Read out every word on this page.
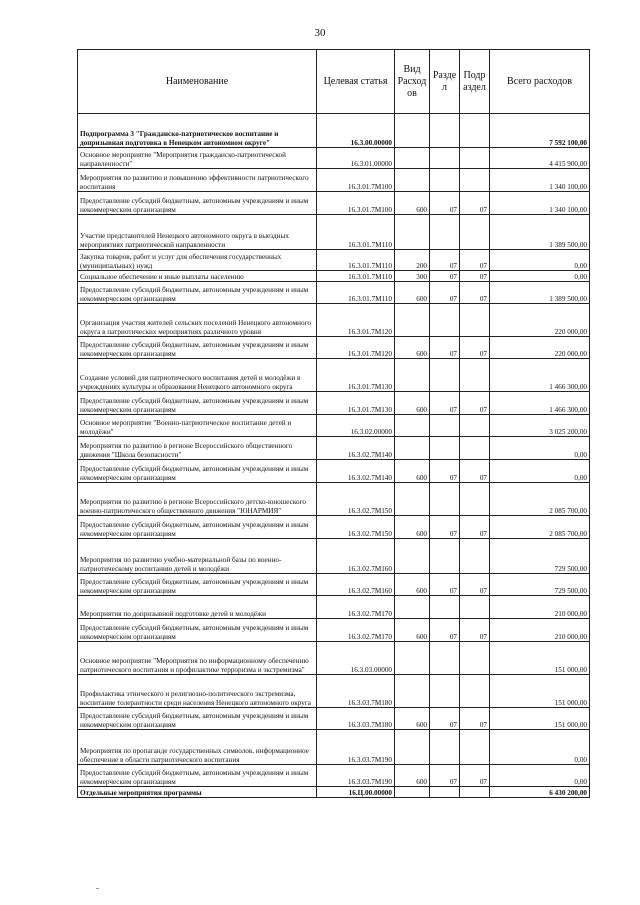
30
Наименование	Целевая статья	Вид Расход ов	Разде л	Подр аздел	Всего расходов
Подпрограмма 3 "Гражданско-патриотическое воспитание и допризывная подготовка в Ненецком автономном округе"	16.3.00.00000				7 592 100,00
Основное мероприятие "Мероприятия гражданско-патриотической направленности"	16.3.01.00000				4 415 900,00
Мероприятия по развитию и повышению эффективности патриотического воспитания	16.3.01.7М100				1 340 100,00
Предоставление субсидий бюджетным, автономным учреждениям и иным некоммерческим организациям	16.3.01.7М100	600	07	07	1 340 100,00
Участие представителей Ненецкого автономного округа в выездных мероприятиях патриотической направленности	16.3.01.7М110				1 389 500,00
Закупка товаров, работ и услуг для обеспечения государственных (муниципальных) нужд	16.3.01.7М110	200	07	07	0,00
Социальное обеспечение и иные выплаты населению	16.3.01.7М110	300	07	07	0,00
Предоставление субсидий бюджетным, автономным учреждениям и иным некоммерческим организациям	16.3.01.7М110	600	07	07	1 389 500,00
Организация участия жителей сельских поселений Ненецкого автономного округа в патриотических мероприятиях различного уровня	16.3.01.7М120				220 000,00
Предоставление субсидий бюджетным, автономным учреждениям и иным некоммерческим организациям	16.3.01.7М120	600	07	07	220 000,00
Создание условий для патриотического воспитания детей и молодёжи в учреждениях культуры и образования Ненецкого автономного округа	16.3.01.7М130				1 466 300,00
Предоставление субсидий бюджетным, автономным учреждениям и иным некоммерческим организациям	16.3.01.7М130	600	07	07	1 466 300,00
Основное мероприятие "Военно-патриотическое воспитание детей и молодёжи"	16.3.02.00000				3 025 200,00
Мероприятия по развитию в регионе Всероссийского общественного движения "Школа безопасности"	16.3.02.7М140				0,00
Предоставление субсидий бюджетным, автономным учреждениям и иным некоммерческим организациям	16.3.02.7М140	600	07	07	0,00
Мероприятия по развитию в регионе Всероссийского детско-юношеского военно-патриотического общественного движения "ЮНАРМИЯ"	16.3.02.7М150				2 085 700,00
Предоставление субсидий бюджетным, автономным учреждениям и иным некоммерческим организациям	16.3.02.7М150	600	07	07	2 085 700,00
Мероприятия по развитию учебно-материальной базы по военно-патриотическому воспитанию детей и молодёжи	16.3.02.7М160				729 500,00
Предоставление субсидий бюджетным, автономным учреждениям и иным некоммерческим организациям	16.3.02.7М160	600	07	07	729 500,00
Мероприятия по допризывной подготовке детей и молодёжи	16.3.02.7М170				210 000,00
Предоставление субсидий бюджетным, автономным учреждениям и иным некоммерческим организациям	16.3.02.7М170	600	07	07	210 000,00
Основное мероприятие "Мероприятия по информационному обеспечению патриотического воспитания и профилактике терроризма и экстремизма"	16.3.03.00000				151 000,00
Профилактика этнического и религиозно-политического экстремизма, воспитание толерантности среди населения Ненецкого автономного округа	16.3.03.7М180				151 000,00
Предоставление субсидий бюджетным, автономным учреждениям и иным некоммерческим организациям	16.3.03.7М180	600	07	07	151 000,00
Мероприятия по пропаганде государственных символов, информационное обеспечение в области патриотического воспитания	16.3.03.7М190				0,00
Предоставление субсидий бюджетным, автономным учреждениям и иным некоммерческим организациям	16.3.03.7М190	600	07	07	0,00
Отдельные мероприятия программы	16.Ц.00.00000				6 430 200,00
